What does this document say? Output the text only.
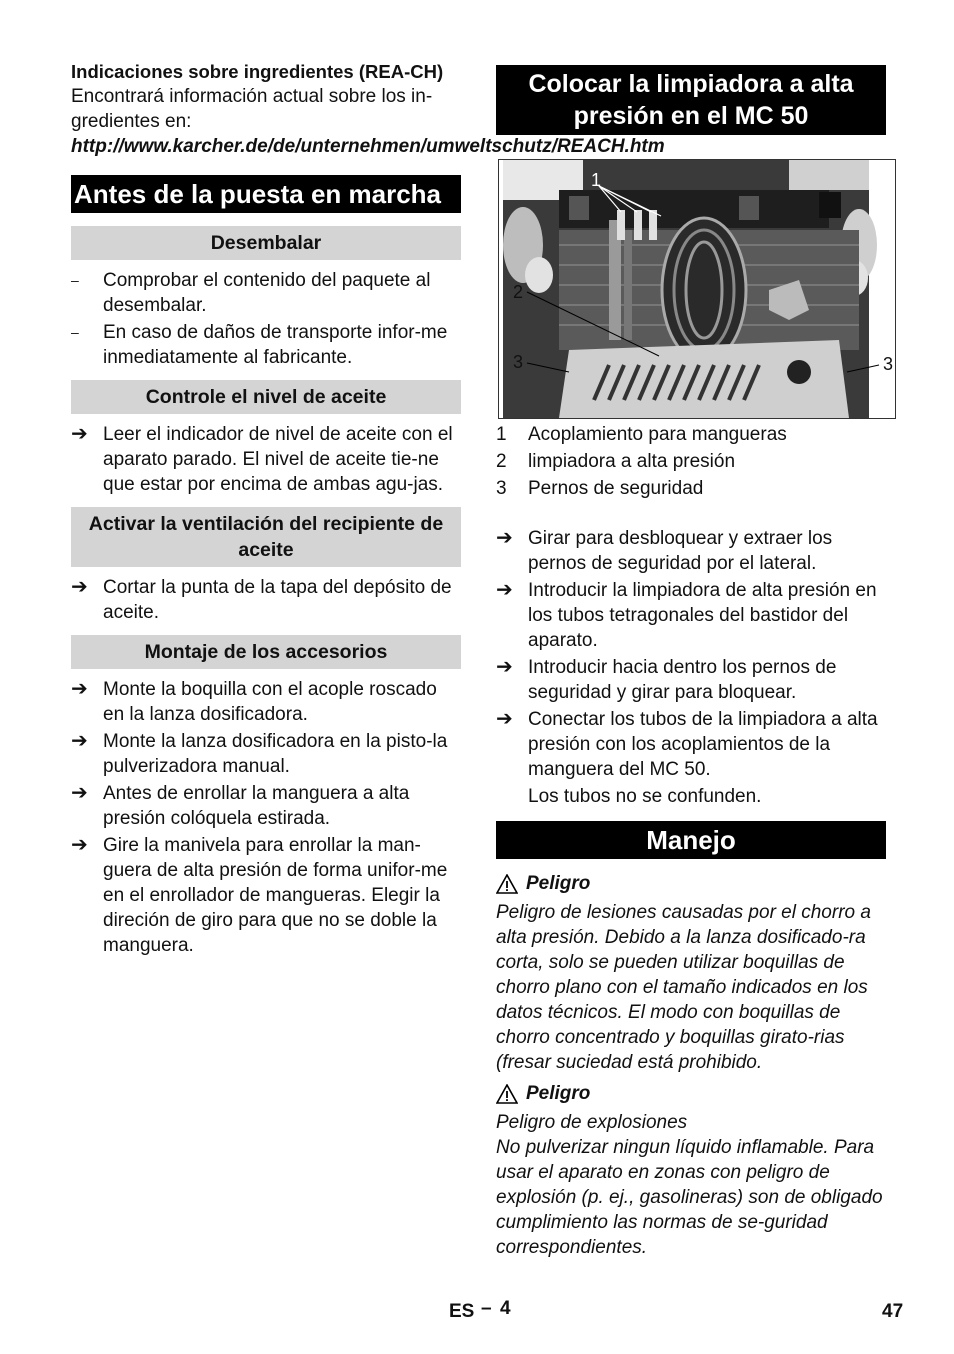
Indicaciones sobre ingredientes (REA-CH)
Encontrará información actual sobre los in-gredientes en:
http://www.karcher.de/de/unternehmen/umweltschutz/REACH.htm
Antes de la puesta en marcha
Desembalar
–	Comprobar el contenido del paquete al desembalar.
–	En caso de daños de transporte infor-me inmediatamente al fabricante.
Controle el nivel de aceite
➔ Leer el indicador de nivel de aceite con el aparato parado. El nivel de aceite tie-ne que estar por encima de ambas agu-jas.
Activar la ventilación del recipiente de aceite
➔ Cortar la punta de la tapa del depósito de aceite.
Montaje de los accesorios
➔ Monte la boquilla con el acople roscado en la lanza dosificadora.
➔ Monte la lanza dosificadora en la pisto-la pulverizadora manual.
➔ Antes de enrollar la manguera a alta presión colóquela estirada.
➔ Gire la manivela para enrollar la man-guera de alta presión de forma unifor-me en el enrollador de mangueras. Elegir la direción de giro para que no se doble la manguera.
Colocar la limpiadora a alta presión en el MC 50
1
2
3	3
1 Acoplamiento para mangueras
2 limpiadora a alta presión
3 Pernos de seguridad
➔ Girar para desbloquear y extraer los pernos de seguridad por el lateral.
➔ Introducir la limpiadora de alta presión en los tubos tetragonales del bastidor del aparato.
➔ Introducir hacia dentro los pernos de seguridad y girar para bloquear.
➔ Conectar los tubos de la limpiadora a alta presión con los acoplamientos de la manguera del MC 50.
Los tubos no se confunden.
Manejo
Peligro
Peligro de lesiones causadas por el chorro a alta presión. Debido a la lanza dosificado-ra corta, solo se pueden utilizar boquillas de chorro plano con el tamaño indicados en los datos técnicos. El modo con boquillas de chorro concentrado y boquillas girato-rias (fresar suciedad está prohibido.
Peligro
Peligro de explosiones
No pulverizar ningun líquido inflamable. Para usar el aparato en zonas con peligro de explosión (p. ej., gasolineras) son de obligado cumplimiento las normas de se-guridad correspondientes.
ES – 4	47
